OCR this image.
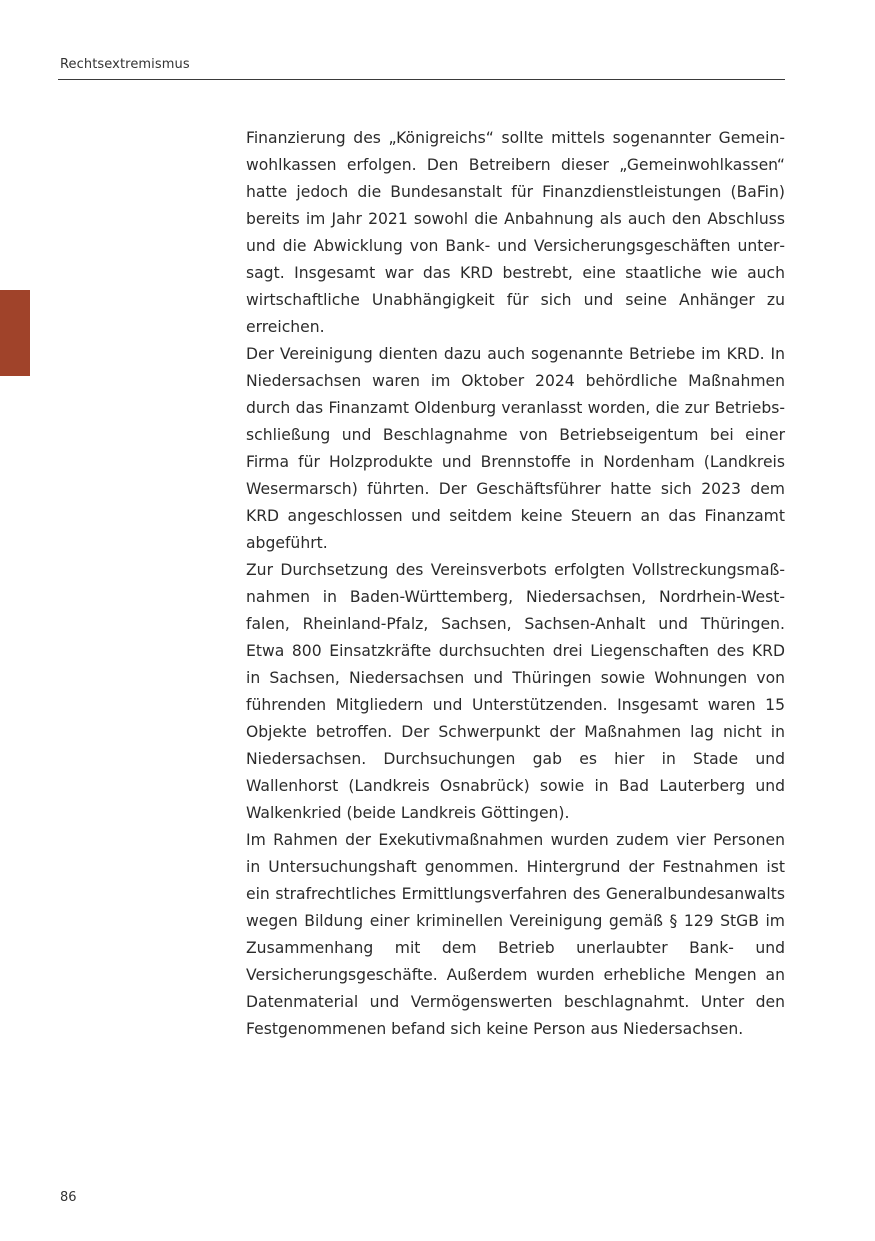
Rechtsextremismus

Finanzierung des „Königreichs“ sollte mittels sogenannter Gemeinwohlkassen erfolgen. Den Betreibern dieser „Gemeinwohlkassen“ hatte jedoch die Bundesanstalt für Finanzdienstleistungen (BaFin) bereits im Jahr 2021 sowohl die Anbahnung als auch den Abschluss und die Abwicklung von Bank- und Versicherungsgeschäften untersagt. Insgesamt war das KRD bestrebt, eine staatliche wie auch wirtschaftliche Unabhängigkeit für sich und seine Anhänger zu erreichen.

Der Vereinigung dienten dazu auch sogenannte Betriebe im KRD. In Niedersachsen waren im Oktober 2024 behördliche Maßnahmen durch das Finanzamt Oldenburg veranlasst worden, die zur Betriebsschließung und Beschlagnahme von Betriebseigentum bei einer Firma für Holzprodukte und Brennstoffe in Nordenham (Landkreis Wesermarsch) führten. Der Geschäftsführer hatte sich 2023 dem KRD angeschlossen und seitdem keine Steuern an das Finanzamt abgeführt.

Zur Durchsetzung des Vereinsverbots erfolgten Vollstreckungsmaßnahmen in Baden-Württemberg, Niedersachsen, Nordrhein-Westfalen, Rheinland-Pfalz, Sachsen, Sachsen-Anhalt und Thüringen. Etwa 800 Einsatzkräfte durchsuchten drei Liegenschaften des KRD in Sachsen, Niedersachsen und Thüringen sowie Wohnungen von führenden Mitgliedern und Unterstützenden. Insgesamt waren 15 Objekte betroffen. Der Schwerpunkt der Maßnahmen lag nicht in Niedersachsen. Durchsuchungen gab es hier in Stade und Wallenhorst (Landkreis Osnabrück) sowie in Bad Lauterberg und Walkenkried (beide Landkreis Göttingen).

Im Rahmen der Exekutivmaßnahmen wurden zudem vier Personen in Untersuchungshaft genommen. Hintergrund der Festnahmen ist ein strafrechtliches Ermittlungsverfahren des Generalbundesanwalts wegen Bildung einer kriminellen Vereinigung gemäß § 129 StGB im Zusammenhang mit dem Betrieb unerlaubter Bank- und Versicherungsgeschäfte. Außerdem wurden erhebliche Mengen an Datenmaterial und Vermögenswerten beschlagnahmt. Unter den Festgenommenen befand sich keine Person aus Niedersachsen.

86
